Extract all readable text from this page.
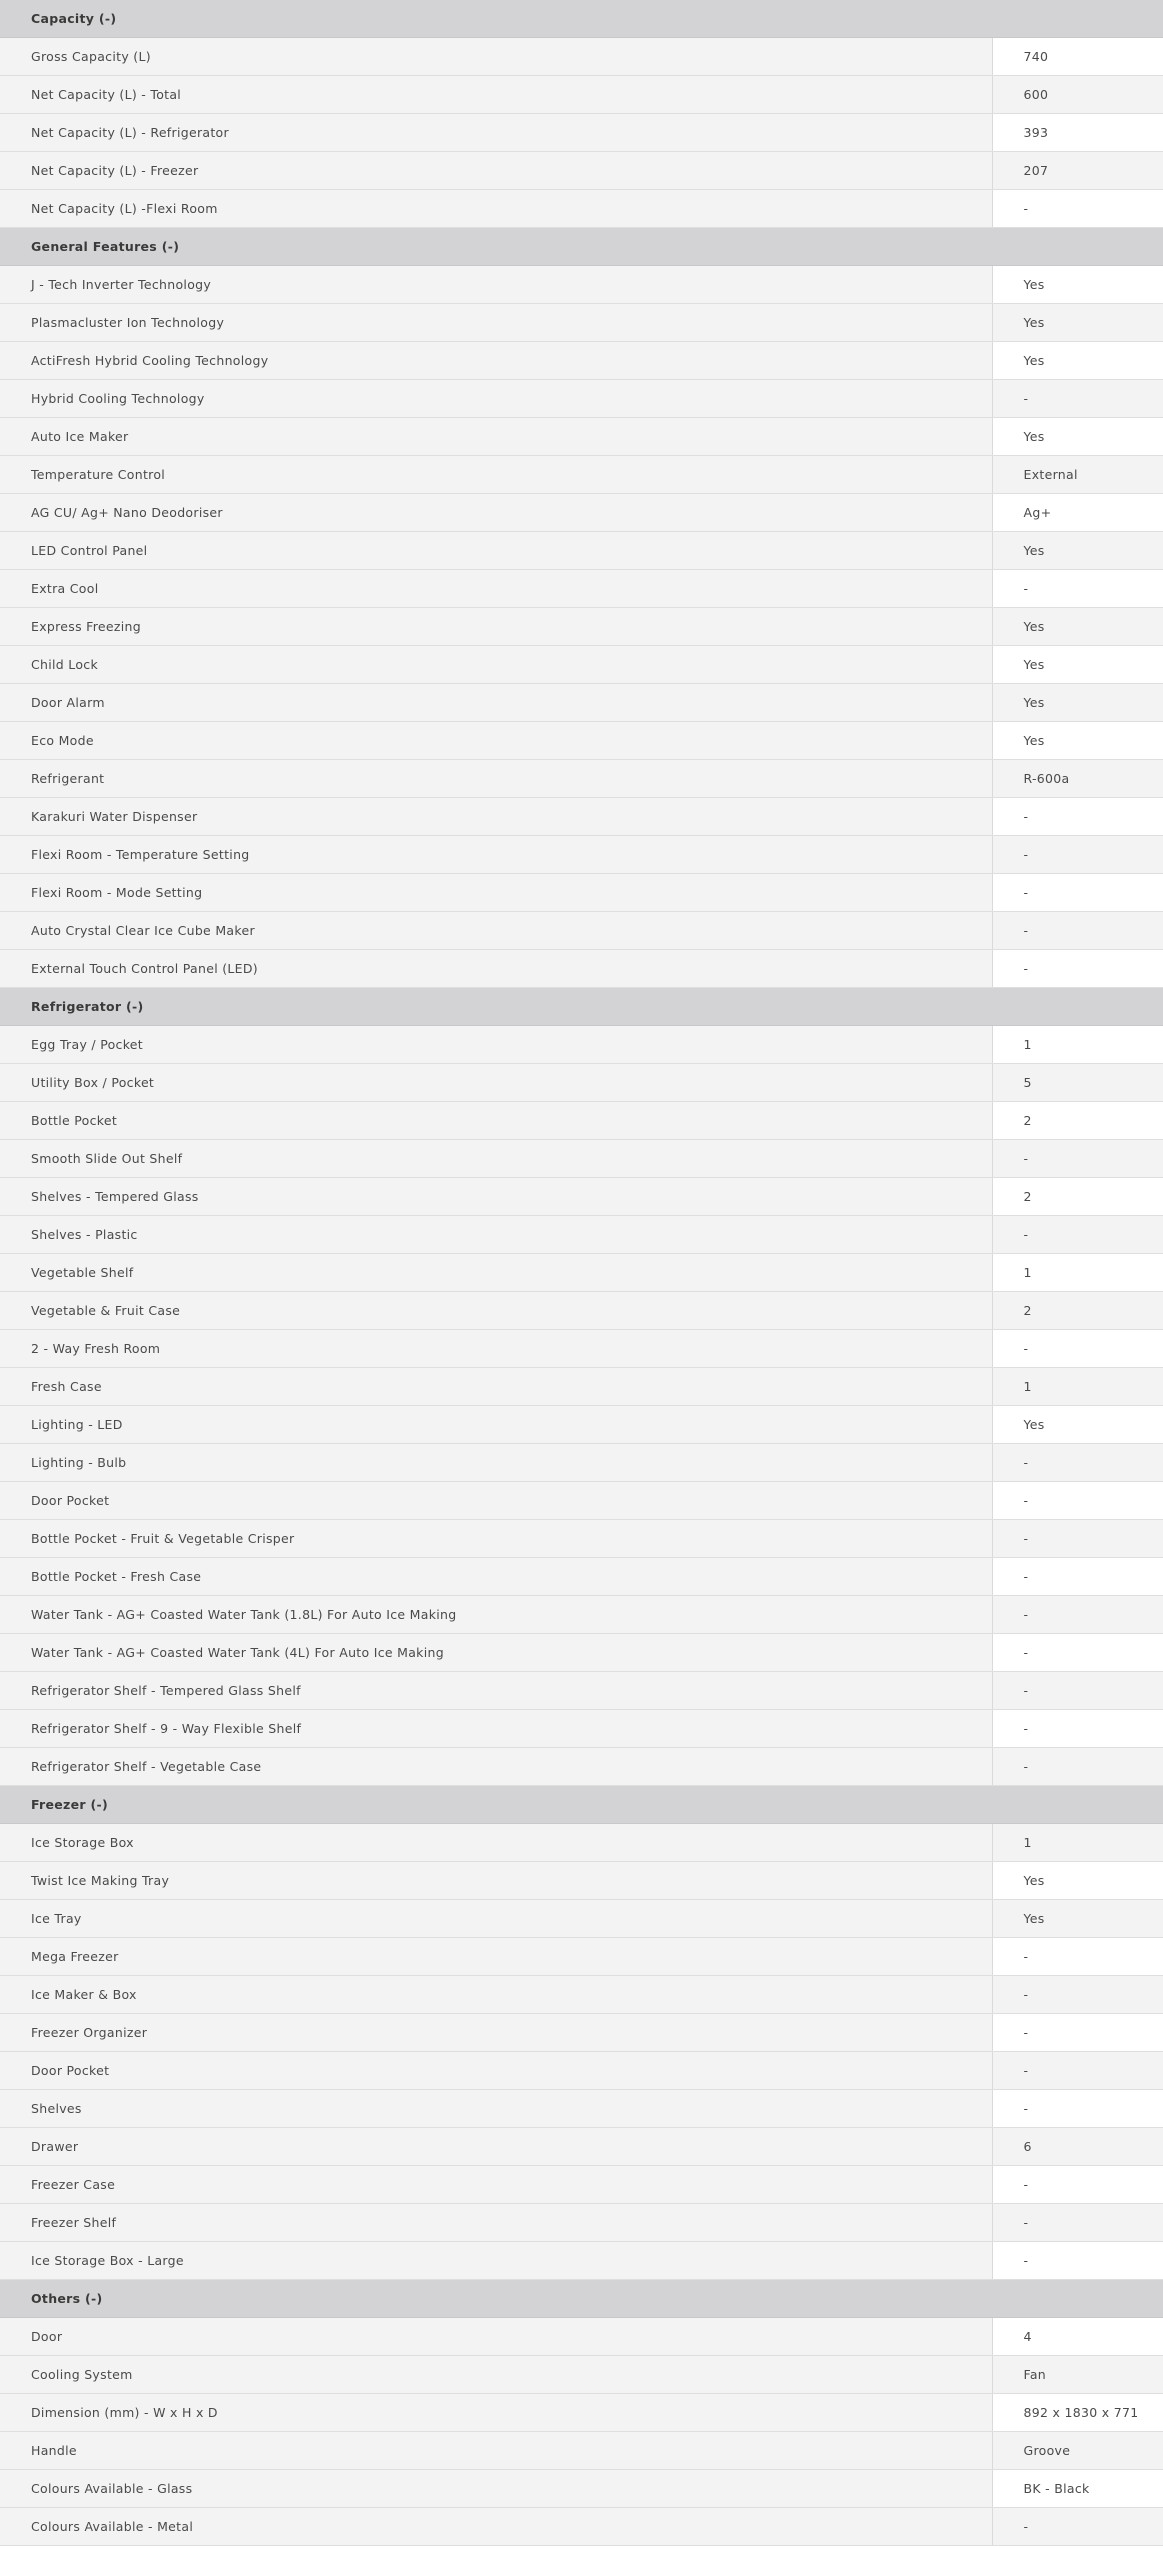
Capacity (-)	
Gross Capacity (L)	740
Net Capacity (L) - Total	600
Net Capacity (L) - Refrigerator	393
Net Capacity (L) - Freezer	207
Net Capacity (L) -Flexi Room	-
General Features (-)	
J - Tech Inverter Technology	Yes
Plasmacluster Ion Technology	Yes
ActiFresh Hybrid Cooling Technology	Yes
Hybrid Cooling Technology	-
Auto Ice Maker	Yes
Temperature Control	External
AG CU/ Ag+ Nano Deodoriser	Ag+
LED Control Panel	Yes
Extra Cool	-
Express Freezing	Yes
Child Lock	Yes
Door Alarm	Yes
Eco Mode	Yes
Refrigerant	R-600a
Karakuri Water Dispenser	-
Flexi Room - Temperature Setting	-
Flexi Room - Mode Setting	-
Auto Crystal Clear Ice Cube Maker	-
External Touch Control Panel (LED)	-
Refrigerator (-)	
Egg Tray / Pocket	1
Utility Box / Pocket	5
Bottle Pocket	2
Smooth Slide Out Shelf	-
Shelves - Tempered Glass	2
Shelves - Plastic	-
Vegetable Shelf	1
Vegetable & Fruit Case	2
2 - Way Fresh Room	-
Fresh Case	1
Lighting - LED	Yes
Lighting - Bulb	-
Door Pocket	-
Bottle Pocket - Fruit & Vegetable Crisper	-
Bottle Pocket - Fresh Case	-
Water Tank - AG+ Coasted Water Tank (1.8L) For Auto Ice Making	-
Water Tank - AG+ Coasted Water Tank (4L) For Auto Ice Making	-
Refrigerator Shelf - Tempered Glass Shelf	-
Refrigerator Shelf - 9 - Way Flexible Shelf	-
Refrigerator Shelf - Vegetable Case	-
Freezer (-)	
Ice Storage Box	1
Twist Ice Making Tray	Yes
Ice Tray	Yes
Mega Freezer	-
Ice Maker & Box	-
Freezer Organizer	-
Door Pocket	-
Shelves	-
Drawer	6
Freezer Case	-
Freezer Shelf	-
Ice Storage Box - Large	-
Others (-)	
Door	4
Cooling System	Fan
Dimension (mm) - W x H x D	892 x 1830 x 771
Handle	Groove
Colours Available - Glass	BK - Black
Colours Available - Metal	-
